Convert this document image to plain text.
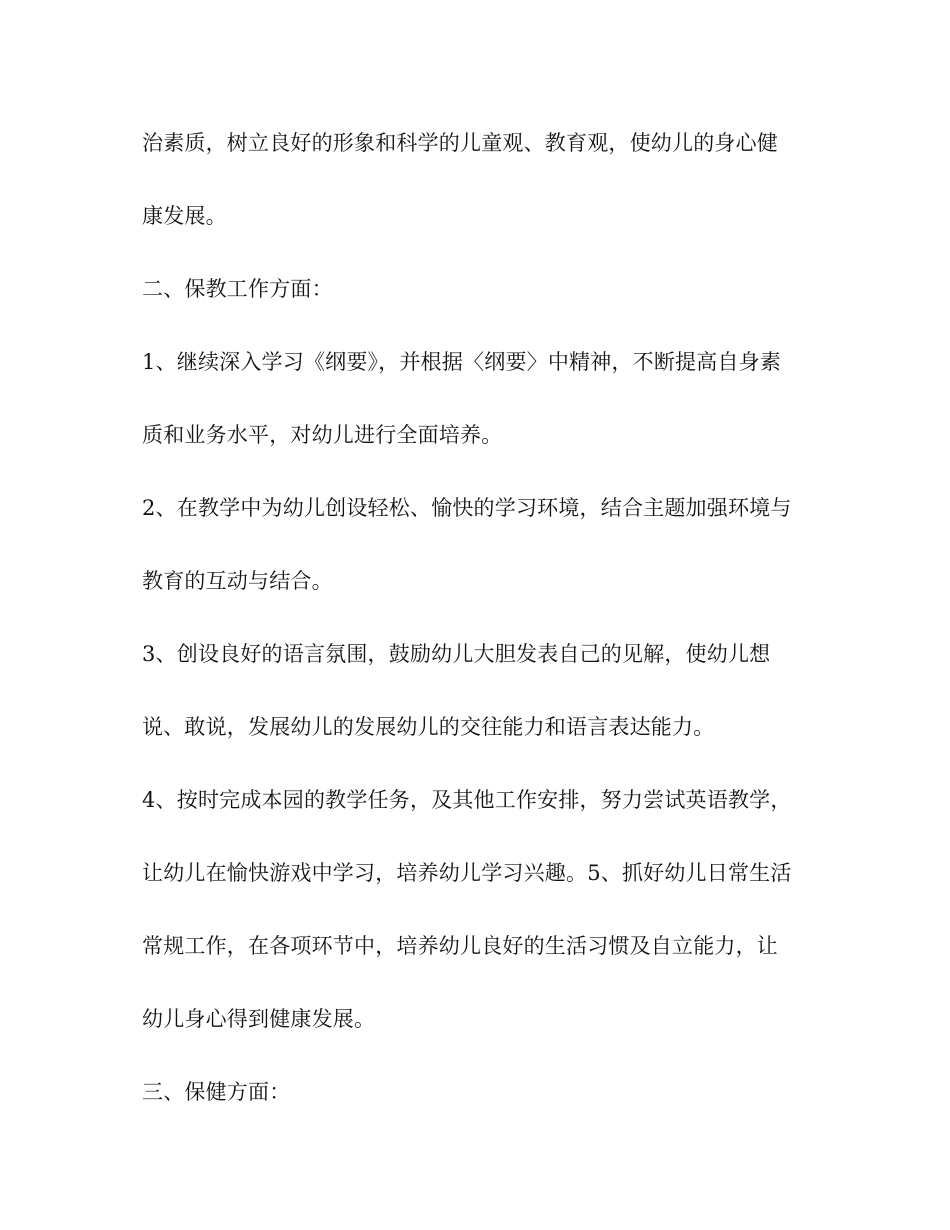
治素质，树立良好的形象和科学的儿童观、教育观，使幼儿的身心健
康发展。
二、保教工作方面：
1、继续深入学习《纲要》，并根据〈纲要〉中精神，不断提高自身素
质和业务水平，对幼儿进行全面培养。
2、在教学中为幼儿创设轻松、愉快的学习环境，结合主题加强环境与
教育的互动与结合。
3、创设良好的语言氛围，鼓励幼儿大胆发表自己的见解，使幼儿想
说、敢说，发展幼儿的发展幼儿的交往能力和语言表达能力。
4、按时完成本园的教学任务，及其他工作安排，努力尝试英语教学，
让幼儿在愉快游戏中学习，培养幼儿学习兴趣。5、抓好幼儿日常生活
常规工作，在各项环节中，培养幼儿良好的生活习惯及自立能力，让
幼儿身心得到健康发展。
三、保健方面：
